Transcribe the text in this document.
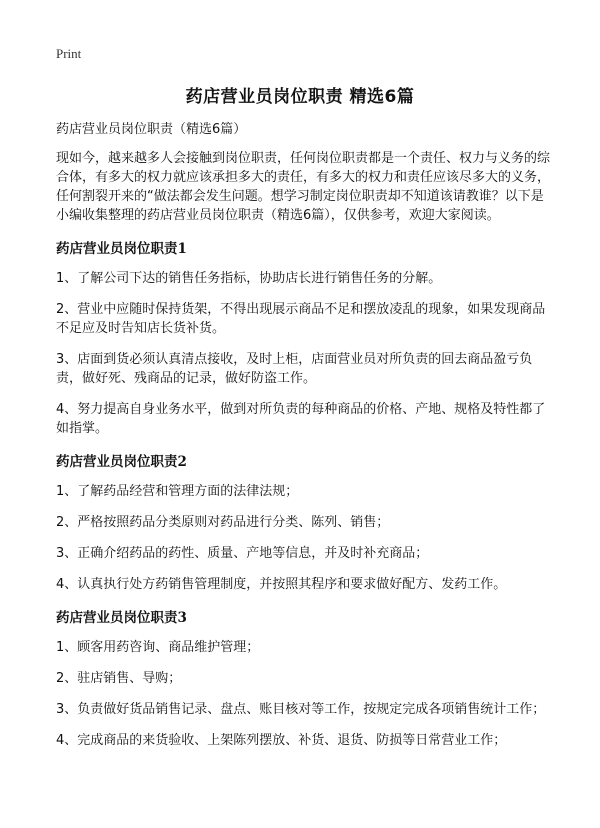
Print
药店营业员岗位职责 精选6篇

药店营业员岗位职责（精选6篇）

现如今，越来越多人会接触到岗位职责，任何岗位职责都是一个责任、权力与义务的综合体，有多大的权力就应该承担多大的责任，有多大的权力和责任应该尽多大的义务，任何割裂开来的“做法都会发生问题。想学习制定岗位职责却不知道该请教谁？以下是小编收集整理的药店营业员岗位职责（精选6篇），仅供参考，欢迎大家阅读。

药店营业员岗位职责1

1、了解公司下达的销售任务指标，协助店长进行销售任务的分解。

2、营业中应随时保持货架，不得出现展示商品不足和摆放凌乱的现象，如果发现商品不足应及时告知店长货补货。

3、店面到货必须认真清点接收，及时上柜，店面营业员对所负责的回去商品盈亏负责，做好死、残商品的记录，做好防盗工作。

4、努力提高自身业务水平，做到对所负责的每种商品的价格、产地、规格及特性都了如指掌。

药店营业员岗位职责2

1、了解药品经营和管理方面的法律法规；

2、严格按照药品分类原则对药品进行分类、陈列、销售；

3、正确介绍药品的药性、质量、产地等信息，并及时补充商品；

4、认真执行处方药销售管理制度，并按照其程序和要求做好配方、发药工作。

药店营业员岗位职责3

1、顾客用药咨询、商品维护管理；

2、驻店销售、导购；

3、负责做好货品销售记录、盘点、账目核对等工作，按规定完成各项销售统计工作；

4、完成商品的来货验收、上架陈列摆放、补货、退货、防损等日常营业工作；
